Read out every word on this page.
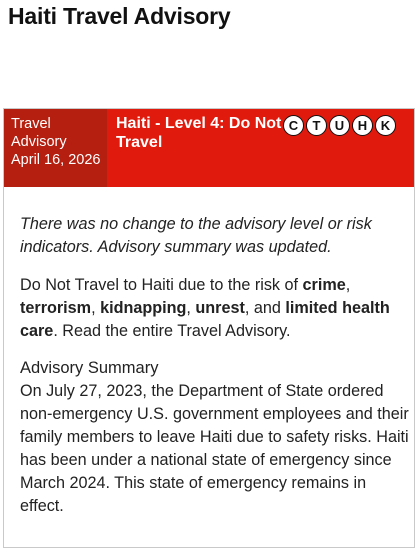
Haiti Travel Advisory
Travel Advisory
April 16, 2026
Haiti - Level 4: Do Not Travel
C	T	U	H	K

There was no change to the advisory level or risk indicators. Advisory summary was updated.

Do Not Travel to Haiti due to the risk of crime, terrorism, kidnapping, unrest, and limited health care. Read the entire Travel Advisory.

Advisory Summary

On July 27, 2023, the Department of State ordered non-emergency U.S. government employees and their family members to leave Haiti due to safety risks. Haiti has been under a national state of emergency since March 2024. This state of emergency remains in effect.
